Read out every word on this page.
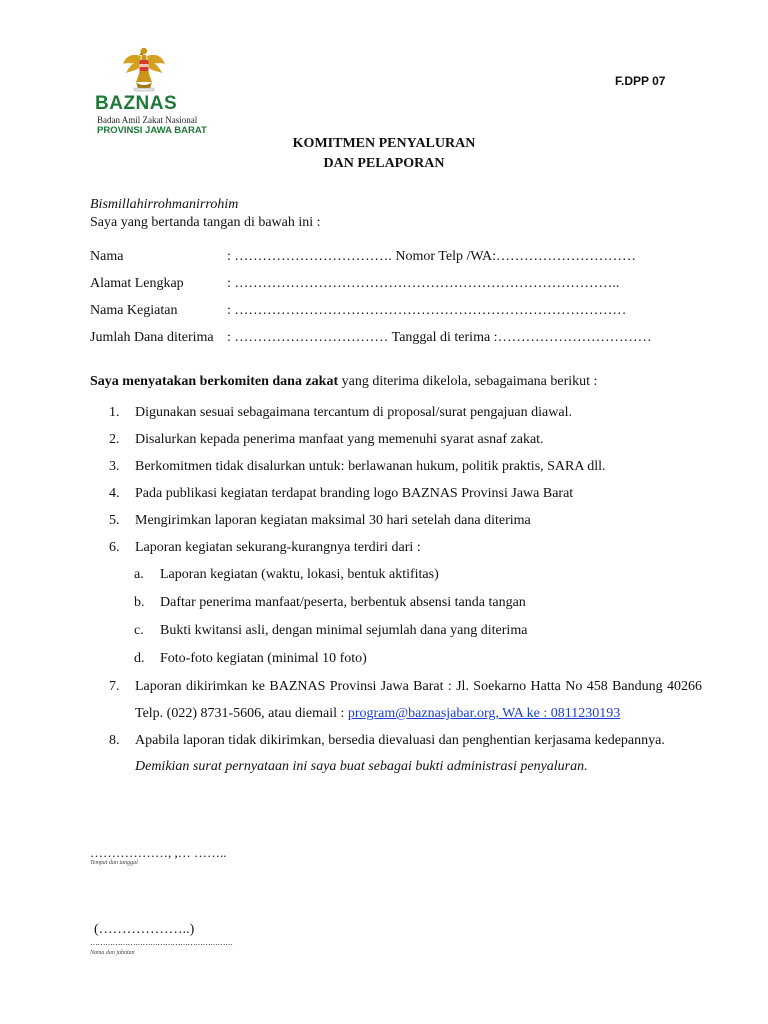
BAZNAS
Badan Amil Zakat Nasional
PROVINSI JAWA BARAT
F.DPP 07
KOMITMEN PENYALURAN
DAN PELAPORAN
Bismillahirrohmanirrohim
Saya yang bertanda tangan di bawah ini :
Nama	: ……………………………. Nomor Telp /WA:…………………………
Alamat Lengkap	: ………………………………………………………………………..
Nama Kegiatan	: …………………………………………………………………………
Jumlah Dana diterima : …………………………… Tanggal di terima :……………………………
Saya menyatakan berkomiten dana zakat yang diterima dikelola, sebagaimana berikut :
1. Digunakan sesuai sebagaimana tercantum di proposal/surat pengajuan diawal.
2. Disalurkan kepada penerima manfaat yang memenuhi syarat asnaf zakat.
3. Berkomitmen tidak disalurkan untuk: berlawanan hukum, politik praktis, SARA dll.
4. Pada publikasi kegiatan terdapat branding logo BAZNAS Provinsi Jawa Barat
5. Mengirimkan laporan kegiatan maksimal 30 hari setelah dana diterima
6. Laporan kegiatan sekurang-kurangnya terdiri dari :
a. Laporan kegiatan (waktu, lokasi, bentuk aktifitas)
b. Daftar penerima manfaat/peserta, berbentuk absensi tanda tangan
c. Bukti kwitansi asli, dengan minimal sejumlah dana yang diterima
d. Foto-foto kegiatan (minimal 10 foto)
7. Laporan dikirimkan ke BAZNAS Provinsi Jawa Barat : Jl. Soekarno Hatta No 458 Bandung 40266 Telp. (022) 8731-5606, atau diemail : program@baznasjabar.org, WA ke : 0811230193
8. Apabila laporan tidak dikirimkan, bersedia dievaluasi dan penghentian kerjasama kedepannya.
Demikian surat pernyataan ini saya buat sebagai bukti administrasi penyaluran.
………………, ,… ……..
Tempat dan tanggal
(………………..)
…………………………………………………
Nama dan jabatan
